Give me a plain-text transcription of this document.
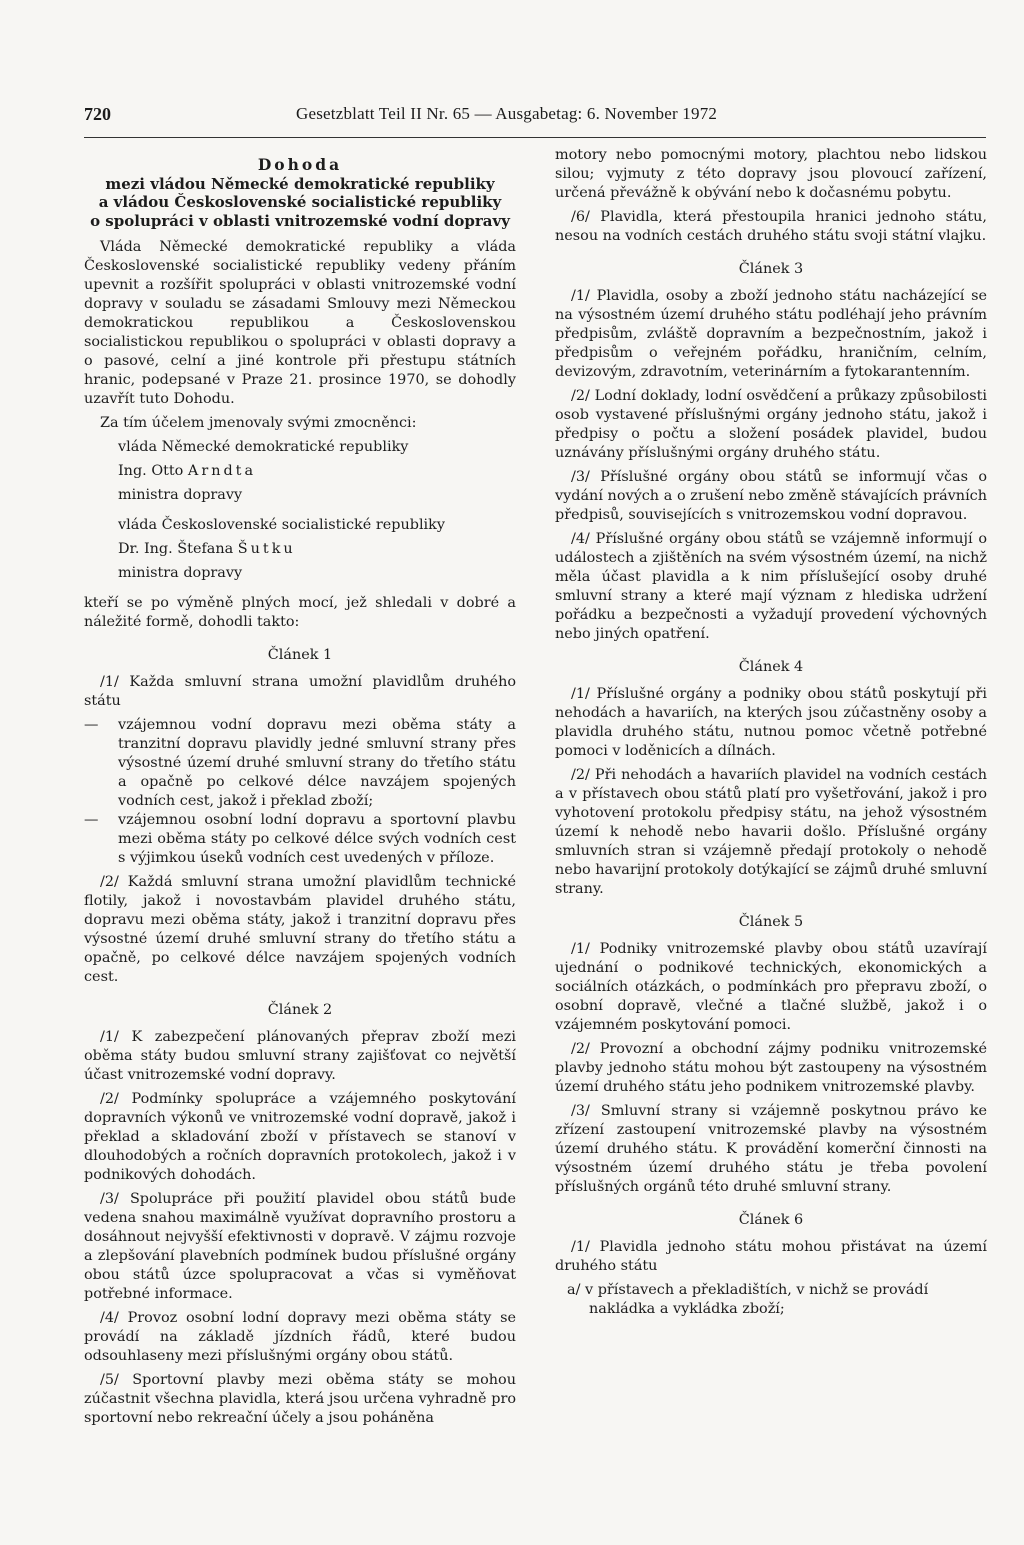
720	Gesetzblatt Teil II Nr. 65 — Ausgabetag: 6. November 1972
Dohoda
mezi vládou Německé demokratické republiky
a vládou Československé socialistické republiky
o spolupráci v oblasti vnitrozemské vodní dopravy

Vláda Německé demokratické republiky a vláda Československé socialistické republiky vedeny přáním upevnit a rozšířit spolupráci v oblasti vnitrozemské vodní dopravy v souladu se zásadami Smlouvy mezi Německou demokratickou republikou a Československou socialistickou republikou o spolupráci v oblasti dopravy a o pasové, celní a jiné kontrole při přestupu státních hranic, podepsané v Praze 21. prosince 1970, se dohodly uzavřít tuto Dohodu.

Za tím účelem jmenovaly svými zmocněnci:

vláda Německé demokratické republiky

Ing. Otto Arndta

ministra dopravy

vláda Československé socialistické republiky

Dr. Ing. Štefana Šutku

ministra dopravy

kteří se po výměně plných mocí, jež shledali v dobré a náležité formě, dohodli takto:

Článek 1

/1/ Každa smluvní strana umožní plavidlům druhého státu

— vzájemnou vodní dopravu mezi oběma státy a tranzitní dopravu plavidly jedné smluvní strany přes výsostné území druhé smluvní strany do třetího státu a opačně po celkové délce navzájem spojených vodních cest, jakož i překlad zboží;
— vzájemnou osobní lodní dopravu a sportovní plavbu mezi oběma státy po celkové délce svých vodních cest s výjimkou úseků vodních cest uvedených v příloze.

/2/ Každá smluvní strana umožní plavidlům technické flotily, jakož i novostavbám plavidel druhého státu, dopravu mezi oběma státy, jakož i tranzitní dopravu přes výsostné území druhé smluvní strany do třetího státu a opačně, po celkové délce navzájem spojených vodních cest.

Článek 2

/1/ K zabezpečení plánovaných přeprav zboží mezi oběma státy budou smluvní strany zajišťovat co největší účast vnitrozemské vodní dopravy.

/2/ Podmínky spolupráce a vzájemného poskytování dopravních výkonů ve vnitrozemské vodní dopravě, jakož i překlad a skladování zboží v přístavech se stanoví v dlouhodobých a ročních dopravních protokolech, jakož i v podnikových dohodách.

/3/ Spolupráce při použití plavidel obou států bude vedena snahou maximálně využívat dopravního prostoru a dosáhnout nejvyšší efektivnosti v dopravě. V zájmu rozvoje a zlepšování plavebních podmínek budou příslušné orgány obou států úzce spolupracovat a včas si vyměňovat potřebné informace.

/4/ Provoz osobní lodní dopravy mezi oběma státy se provádí na základě jízdních řádů, které budou odsouhlaseny mezi příslušnými orgány obou států.

/5/ Sportovní plavby mezi oběma státy se mohou zúčastnit všechna plavidla, která jsou určena vyhradně pro sportovní nebo rekreační účely a jsou poháněna

motory nebo pomocnými motory, plachtou nebo lidskou silou; vyjmuty z této dopravy jsou plovoucí zařízení, určená převážně k obývání nebo k dočasnému pobytu.

/6/ Plavidla, která přestoupila hranici jednoho státu, nesou na vodních cestách druhého státu svoji státní vlajku.

Článek 3

/1/ Plavidla, osoby a zboží jednoho státu nacházející se na výsostném území druhého státu podléhají jeho právním předpisům, zvláště dopravním a bezpečnostním, jakož i předpisům o veřejném pořádku, hraničním, celním, devizovým, zdravotním, veterinárním a fytokarantenním.

/2/ Lodní doklady, lodní osvědčení a průkazy způsobilosti osob vystavené příslušnými orgány jednoho státu, jakož i předpisy o počtu a složení posádek plavidel, budou uznávány příslušnými orgány druhého státu.

/3/ Příslušné orgány obou států se informují včas o vydání nových a o zrušení nebo změně stávajících právních předpisů, souvisejících s vnitrozemskou vodní dopravou.

/4/ Příslušné orgány obou států se vzájemně informují o událostech a zjištěních na svém výsostném území, na nichž měla účast plavidla a k nim příslušející osoby druhé smluvní strany a které mají význam z hlediska udržení pořádku a bezpečnosti a vyžadují provedení výchovných nebo jiných opatření.

Článek 4

/1/ Příslušné orgány a podniky obou států poskytují při nehodách a havariích, na kterých jsou zúčastněny osoby a plavidla druhého státu, nutnou pomoc včetně potřebné pomoci v loděnicích a dílnách.

/2/ Při nehodách a havariích plavidel na vodních cestách a v přístavech obou států platí pro vyšetřování, jakož i pro vyhotovení protokolu předpisy státu, na jehož výsostném území k nehodě nebo havarii došlo. Příslušné orgány smluvních stran si vzájemně předají protokoly o nehodě nebo havarijní protokoly dotýkající se zájmů druhé smluvní strany.

Článek 5

/1/ Podniky vnitrozemské plavby obou států uzavírají ujednání o podnikové technických, ekonomických a sociálních otázkách, o podmínkách pro přepravu zboží, o osobní dopravě, vlečné a tlačné službě, jakož i o vzájemném poskytování pomoci.

/2/ Provozní a obchodní zájmy podniku vnitrozemské plavby jednoho státu mohou být zastoupeny na výsostném území druhého státu jeho podnikem vnitrozemské plavby.

/3/ Smluvní strany si vzájemně poskytnou právo ke zřízení zastoupení vnitrozemské plavby na výsostném území druhého státu. K provádění komerční činnosti na výsostném území druhého státu je třeba povolení příslušných orgánů této druhé smluvní strany.

Článek 6

/1/ Plavidla jednoho státu mohou přistávat na území druhého státu

a/ v přístavech a překladištích, v nichž se provádí nakládka a vykládka zboží;
